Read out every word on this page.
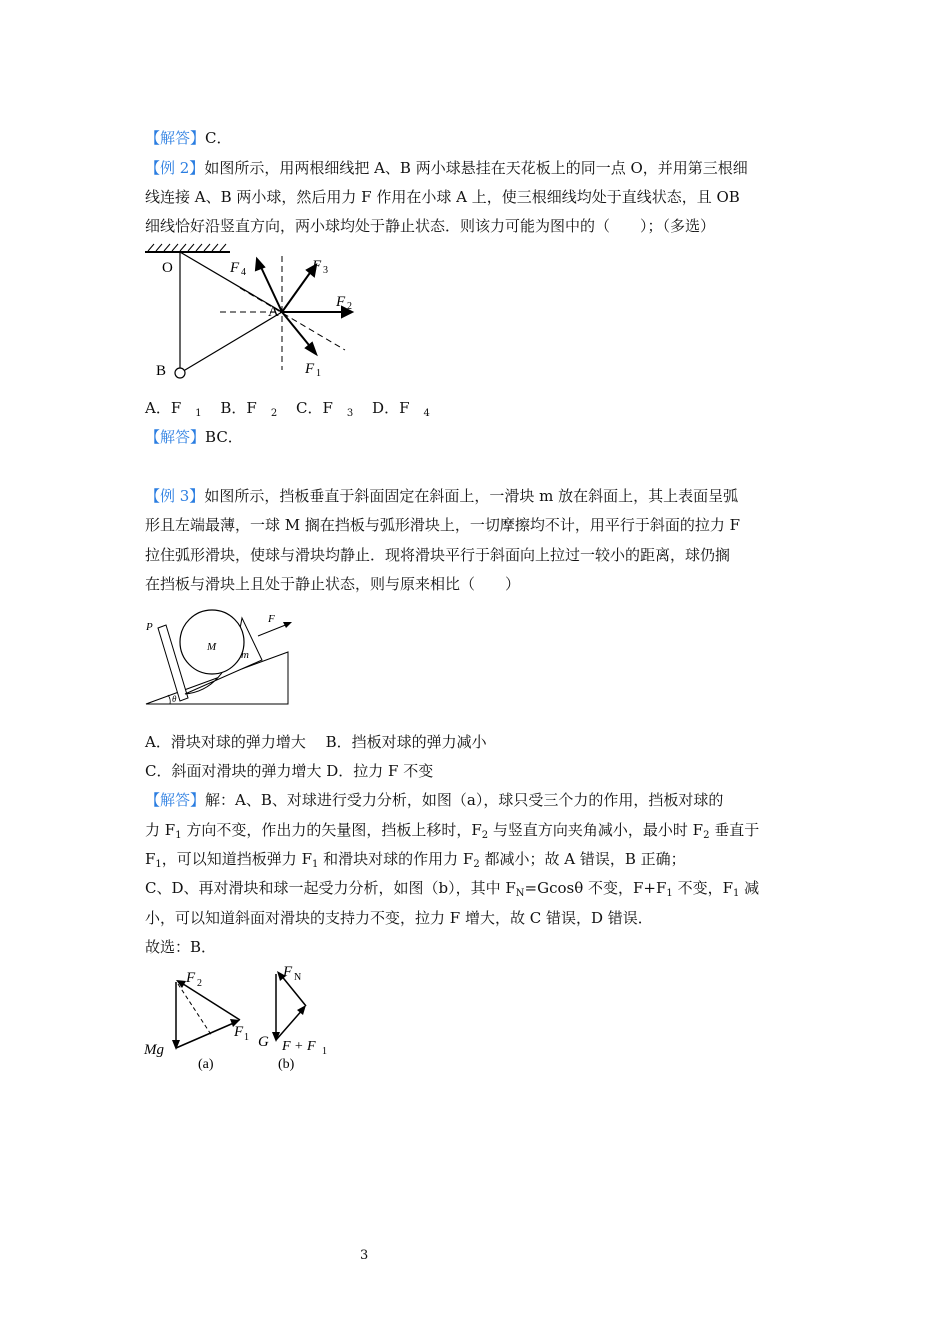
【解答】C．
【例 2】如图所示，用两根细线把 A、B 两小球悬挂在天花板上的同一点 O，并用第三根细
线连接 A、B 两小球，然后用力 F 作用在小球 A 上，使三根细线均处于直线状态，且 OB
细线恰好沿竖直方向，两小球均处于静止状态．则该力可能为图中的（　　）；（多选）
O
A
B
F 4	F 3
F 2
F 1
A．F $_1$ B．F $_2$ C．F $_3$ D．F $_4$
【解答】BC．
【例 3】如图所示，挡板垂直于斜面固定在斜面上，一滑块 m 放在斜面上，其上表面呈弧
形且左端最薄，一球 M 搁在挡板与弧形滑块上，一切摩擦均不计，用平行于斜面的拉力 F
拉住弧形滑块，使球与滑块均静止．现将滑块平行于斜面向上拉过一较小的距离，球仍搁
在挡板与滑块上且处于静止状态，则与原来相比（　　）
P
M
m
F
θ
A．滑块对球的弹力增大　 B．挡板对球的弹力减小
C．斜面对滑块的弹力增大 D．拉力 F 不变
【解答】解：A、B、对球进行受力分析，如图（a），球只受三个力的作用，挡板对球的
力 $F_1$ 方向不变，作出力的矢量图，挡板上移时，$F_2$ 与竖直方向夹角减小，最小时 $F_2$ 垂直于
$F_1$，可以知道挡板弹力 $F_1$ 和滑块对球的作用力 $F_2$ 都减小；故 A 错误，B 正确；
C、D、再对滑块和球一起受力分析，如图（b），其中 $F_N=Gcos\theta$ 不变，$F+F_1$ 不变，$F_1$ 减
小，可以知道斜面对滑块的支持力不变，拉力 F 增大，故 C 错误，D 错误．
故选：B．
F 2
F 1
Mg
(a)
F N
G F + F 1
(b)
3
